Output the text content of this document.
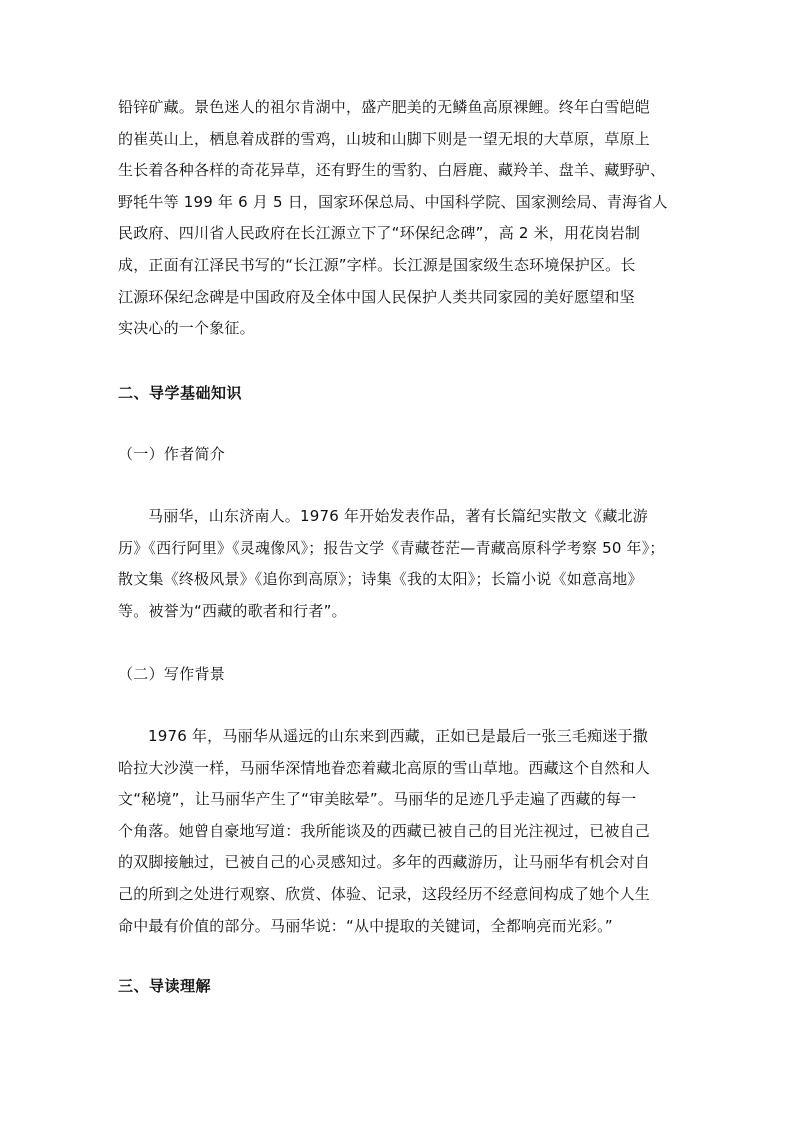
铅锌矿藏。景色迷人的祖尔肯湖中，盛产肥美的无鳞鱼高原裸鲤。终年白雪皑皑
的崔英山上，栖息着成群的雪鸡，山坡和山脚下则是一望无垠的大草原，草原上
生长着各种各样的奇花异草，还有野生的雪豹、白唇鹿、藏羚羊、盘羊、藏野驴、
野牦牛等 199 年 6 月 5 日，国家环保总局、中国科学院、国家测绘局、青海省人
民政府、四川省人民政府在长江源立下了“环保纪念碑”，高 2 米，用花岗岩制
成，正面有江泽民书写的“长江源”字样。长江源是国家级生态环境保护区。长
江源环保纪念碑是中国政府及全体中国人民保护人类共同家园的美好愿望和坚
实决心的一个象征。
二、导学基础知识
（一）作者简介
马丽华，山东济南人。1976 年开始发表作品，著有长篇纪实散文《藏北游
历》《西行阿里》《灵魂像风》；报告文学《青藏苍茫—青藏高原科学考察 50 年》；
散文集《终极风景》《追你到高原》；诗集《我的太阳》；长篇小说《如意高地》
等。被誉为“西藏的歌者和行者”。
（二）写作背景
1976 年，马丽华从遥远的山东来到西藏，正如已是最后一张三毛痴迷于撒
哈拉大沙漠一样，马丽华深情地眷恋着藏北高原的雪山草地。西藏这个自然和人
文“秘境”，让马丽华产生了“审美眩晕”。马丽华的足迹几乎走遍了西藏的每一
个角落。她曾自豪地写道：我所能谈及的西藏已被自己的目光注视过，已被自己
的双脚接触过，已被自己的心灵感知过。多年的西藏游历，让马丽华有机会对自
己的所到之处进行观察、欣赏、体验、记录，这段经历不经意间构成了她个人生
命中最有价值的部分。马丽华说：“从中提取的关键词，全都响亮而光彩。”
三、导读理解
